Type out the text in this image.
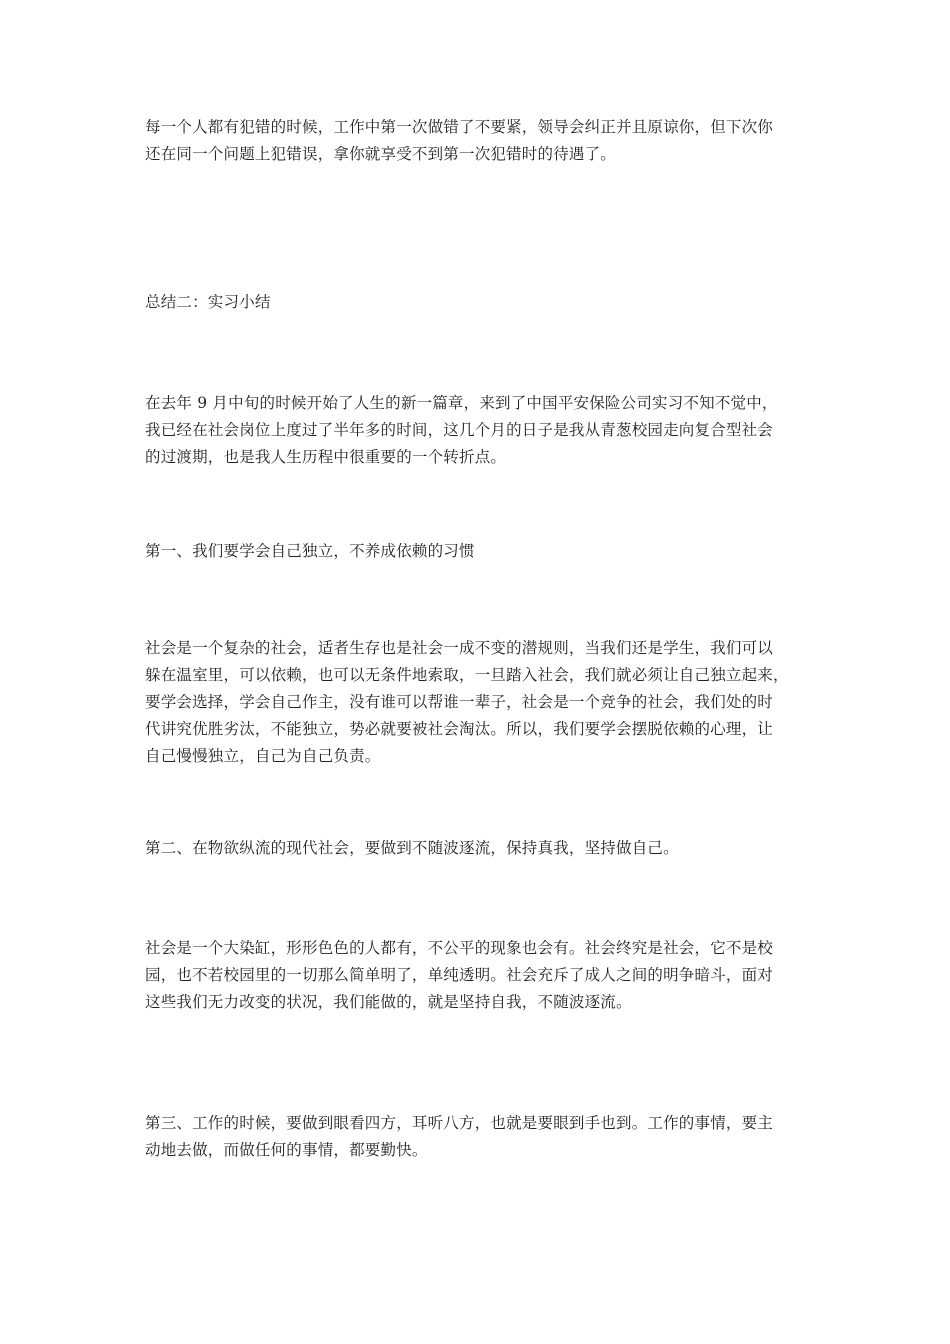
每一个人都有犯错的时候，工作中第一次做错了不要紧，领导会纠正并且原谅你，但下次你
还在同一个问题上犯错误，拿你就享受不到第一次犯错时的待遇了。

总结二：实习小结

在去年 9 月中旬的时候开始了人生的新一篇章，来到了中国平安保险公司实习不知不觉中，
我已经在社会岗位上度过了半年多的时间，这几个月的日子是我从青葱校园走向复合型社会
的过渡期，也是我人生历程中很重要的一个转折点。

第一、我们要学会自己独立，不养成依赖的习惯

社会是一个复杂的社会，适者生存也是社会一成不变的潜规则，当我们还是学生，我们可以
躲在温室里，可以依赖，也可以无条件地索取，一旦踏入社会，我们就必须让自己独立起来，
要学会选择，学会自己作主，没有谁可以帮谁一辈子，社会是一个竞争的社会，我们处的时
代讲究优胜劣汰，不能独立，势必就要被社会淘汰。所以，我们要学会摆脱依赖的心理，让
自己慢慢独立，自己为自己负责。

第二、在物欲纵流的现代社会，要做到不随波逐流，保持真我，坚持做自己。

社会是一个大染缸，形形色色的人都有，不公平的现象也会有。社会终究是社会，它不是校
园，也不若校园里的一切那么简单明了，单纯透明。社会充斥了成人之间的明争暗斗，面对
这些我们无力改变的状况，我们能做的，就是坚持自我，不随波逐流。

第三、工作的时候，要做到眼看四方，耳听八方，也就是要眼到手也到。工作的事情，要主
动地去做，而做任何的事情，都要勤快。
